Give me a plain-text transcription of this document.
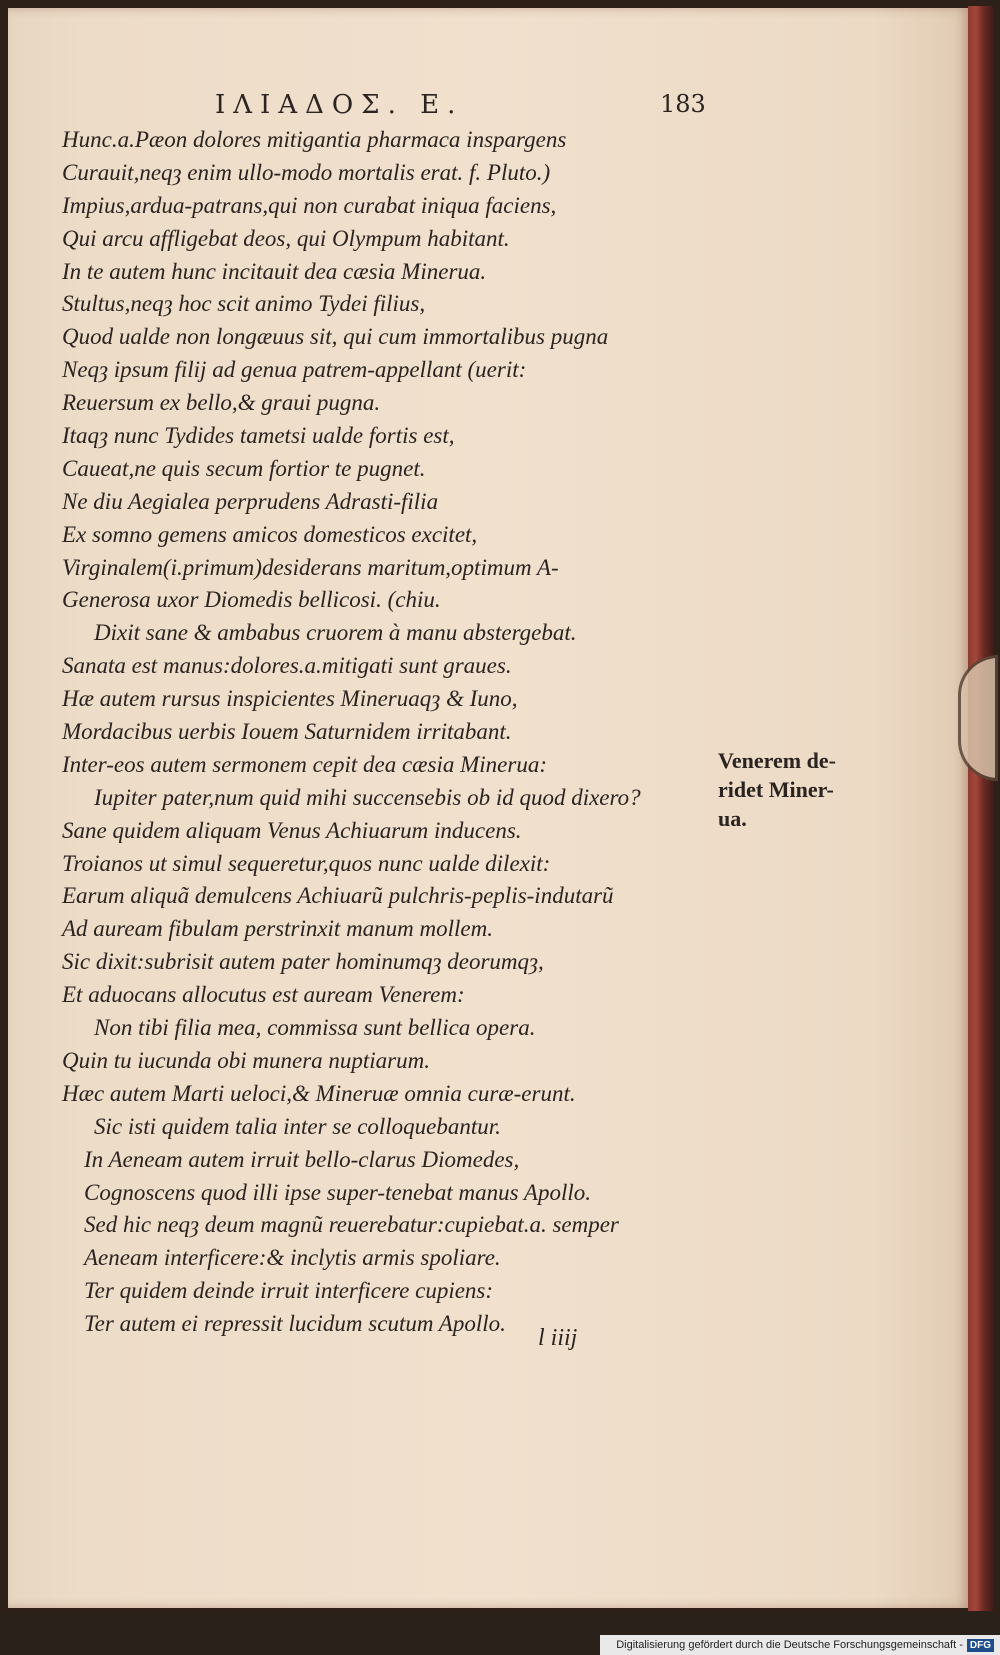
ΙΛΙΑΔΟΣ. Ε.	183
Hunc.a.Pæon dolores mitigantia pharmaca inspargens
Curauit,neqȝ enim ullo-modo mortalis erat. f. Pluto.)
Impius,ardua-patrans,qui non curabat iniqua faciens,
Qui arcu affligebat deos, qui Olympum habitant.
In te autem hunc incitauit dea cæsia Minerua.
Stultus,neqȝ hoc scit animo Tydei filius,
Quod ualde non longæuus sit, qui cum immortalibus pugna
Neqȝ ipsum filij ad genua patrem-appellant (uerit:
Reuersum ex bello,& graui pugna.
Itaqȝ nunc Tydides tametsi ualde fortis est,
Caueat,ne quis secum fortior te pugnet.
Ne diu Aegialea perprudens Adrasti-filia
Ex somno gemens amicos domesticos excitet,
Virginalem(i.primum)desiderans maritum,optimum A-
Generosa uxor Diomedis bellicosi. (chiu.
Dixit sane & ambabus cruorem à manu abstergebat.
Sanata est manus:dolores.a.mitigati sunt graues.
Hæ autem rursus inspicientes Mineruaqȝ & Iuno,
Mordacibus uerbis Iouem Saturnidem irritabant.
Inter-eos autem sermonem cepit dea cæsia Minerua:
Iupiter pater,num quid mihi succensebis ob id quod dixero?
Sane quidem aliquam Venus Achiuarum inducens.
Troianos ut simul sequeretur,quos nunc ualde dilexit:
Earum aliquã demulcens Achiuarũ pulchris-peplis-indutarũ
Ad auream fibulam perstrinxit manum mollem.
Sic dixit:subrisit autem pater hominumqȝ deorumqȝ,
Et aduocans allocutus est auream Venerem:
Non tibi filia mea, commissa sunt bellica opera.
Quin tu iucunda obi munera nuptiarum.
Hæc autem Marti ueloci,& Mineruæ omnia curæ-erunt.
Sic isti quidem talia inter se colloquebantur.
In Aeneam autem irruit bello-clarus Diomedes,
Cognoscens quod illi ipse super-tenebat manus Apollo.
Sed hic neqȝ deum magnũ reuerebatur:cupiebat.a. semper
Aeneam interficere:& inclytis armis spoliare.
Ter quidem deinde irruit interficere cupiens:
Ter autem ei repressit lucidum scutum Apollo.
l iiij
Venerem de-
ridet Miner-
ua.
Digitalisierung gefördert durch die Deutsche Forschungsgemeinschaft - DFG
